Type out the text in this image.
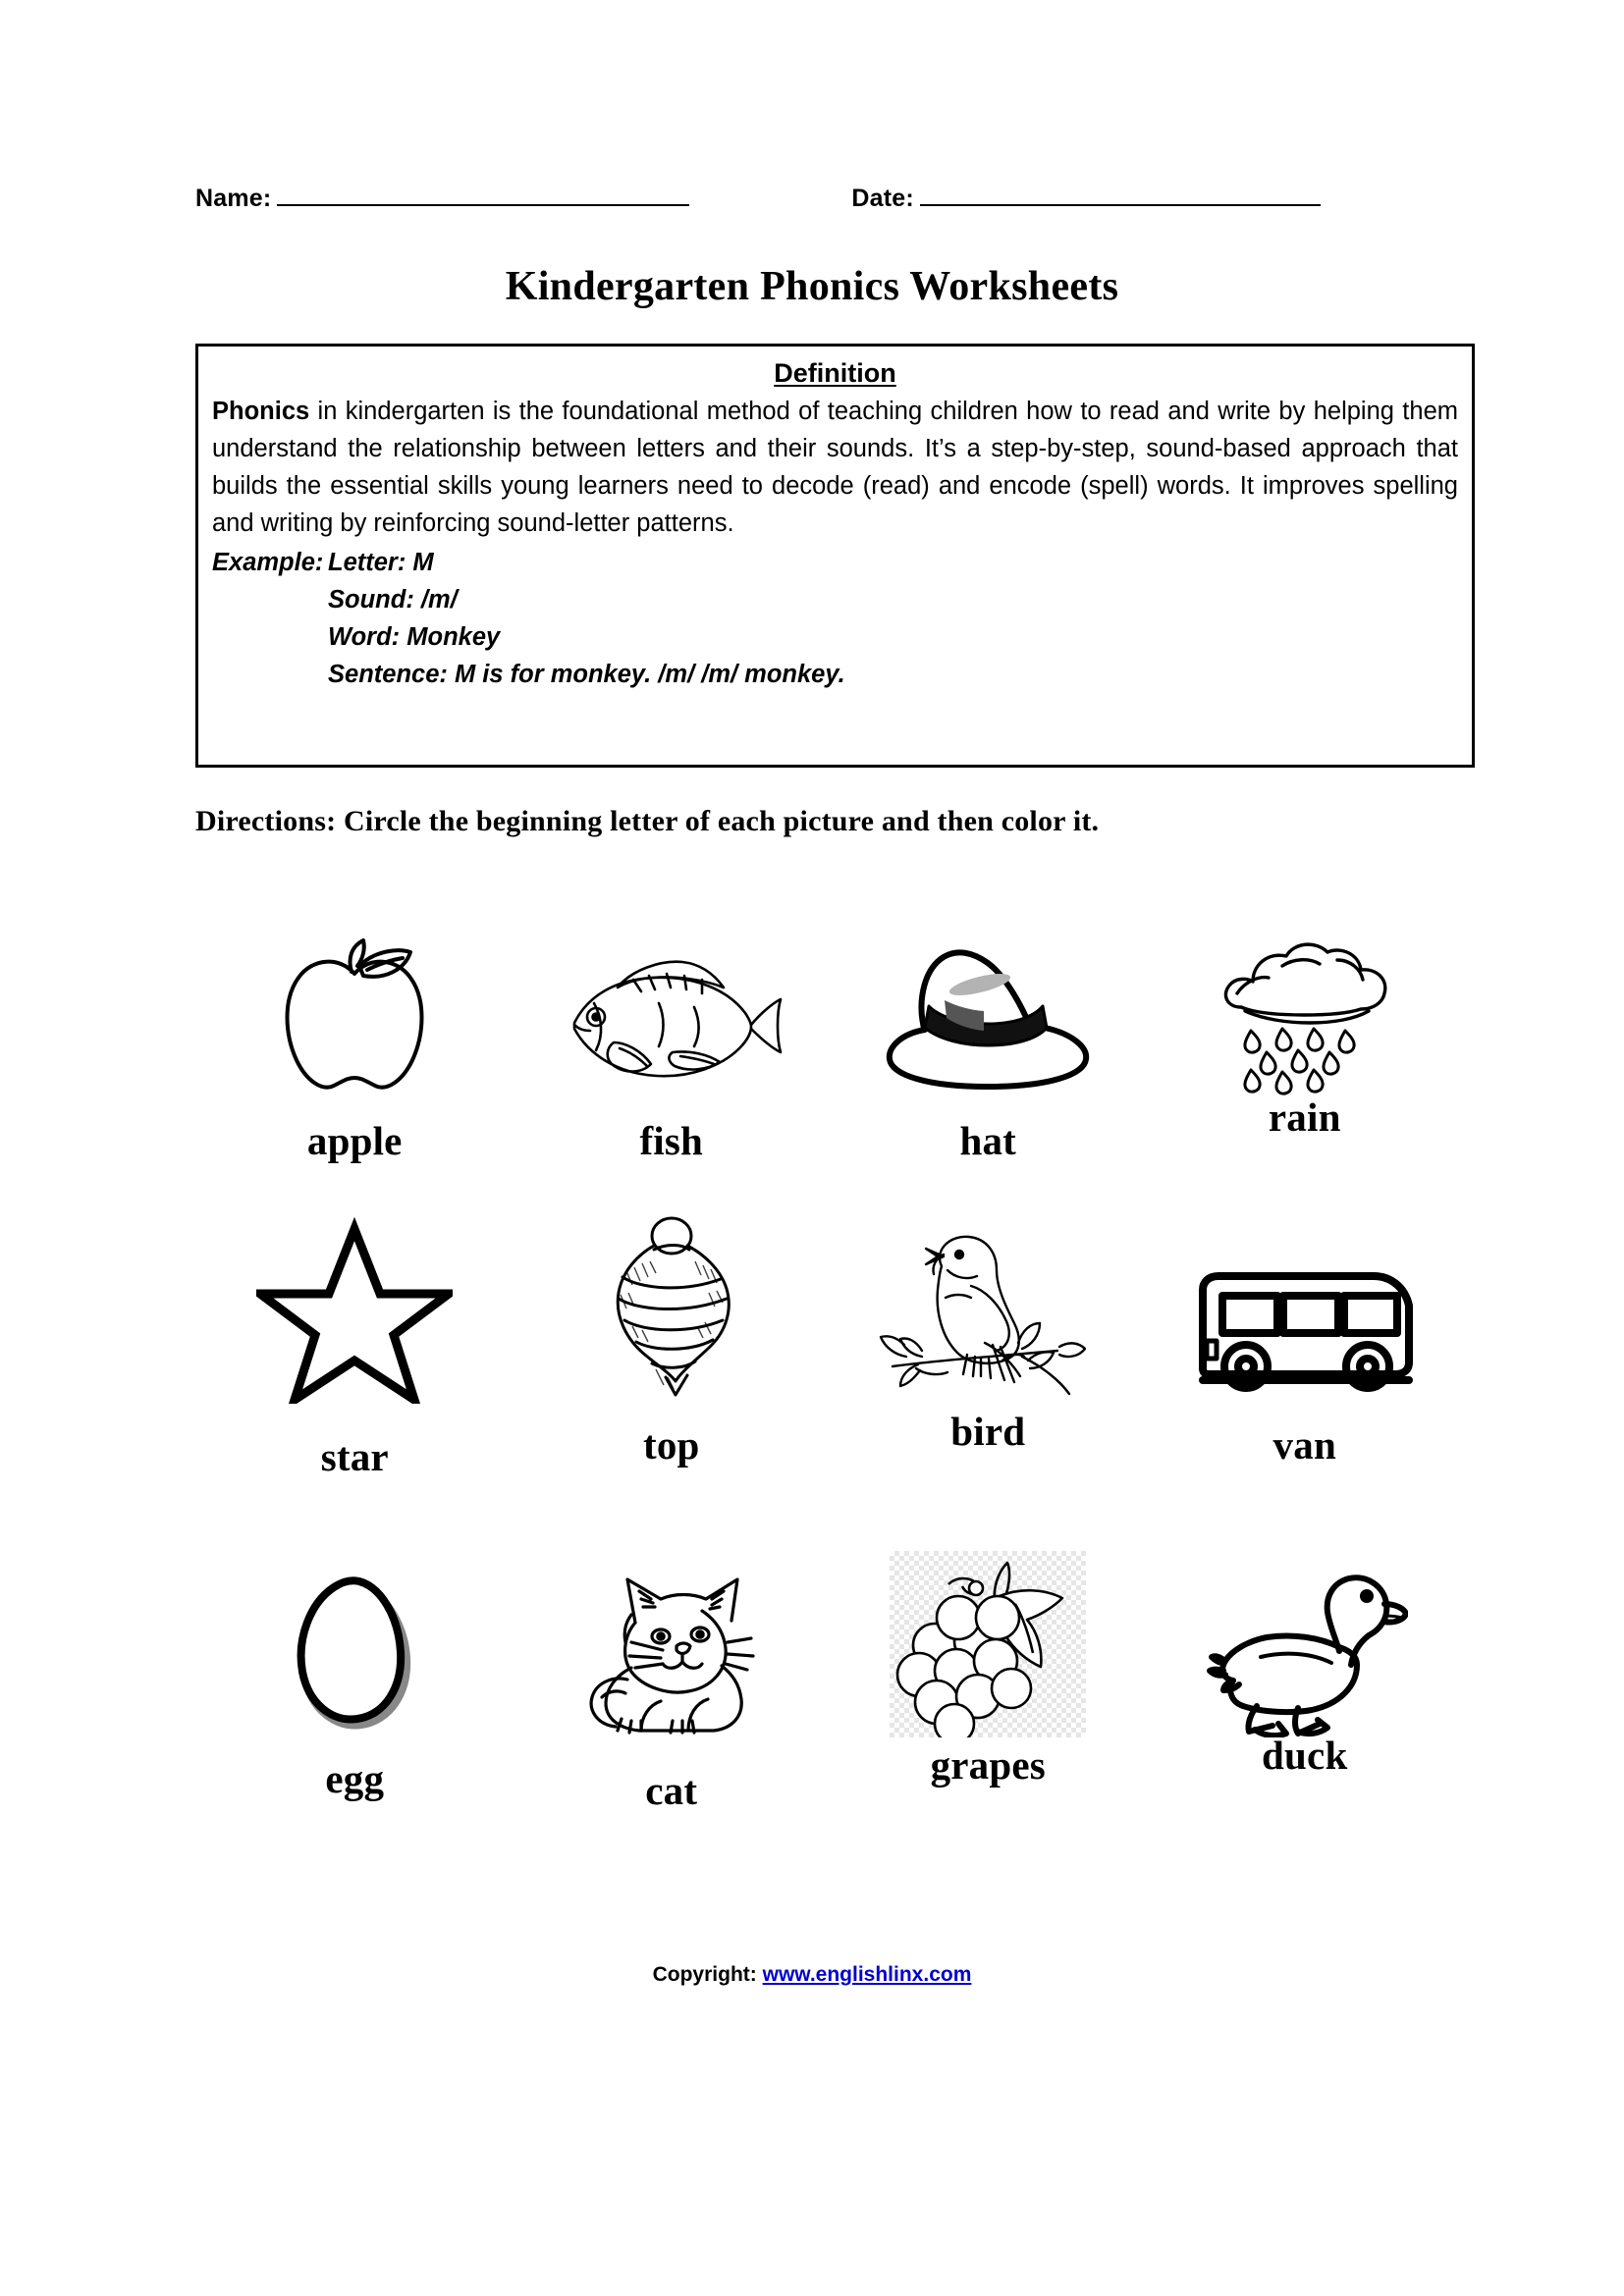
Name:	Date:
Kindergarten Phonics Worksheets
Definition
Phonics in kindergarten is the foundational method of teaching children how to read and write by helping them understand the relationship between letters and their sounds. It’s a step-by-step, sound-based approach that builds the essential skills young learners need to decode (read) and encode (spell) words. It improves spelling and writing by reinforcing sound-letter patterns.
Example: Letter: M
Sound: /m/
Word: Monkey
Sentence: M is for monkey. /m/ /m/ monkey.
Directions: Circle the beginning letter of each picture and then color it.
apple	fish	hat
rain
star	top	bird	van
egg	cat
grapes	duck
Copyright: www.englishlinx.com
